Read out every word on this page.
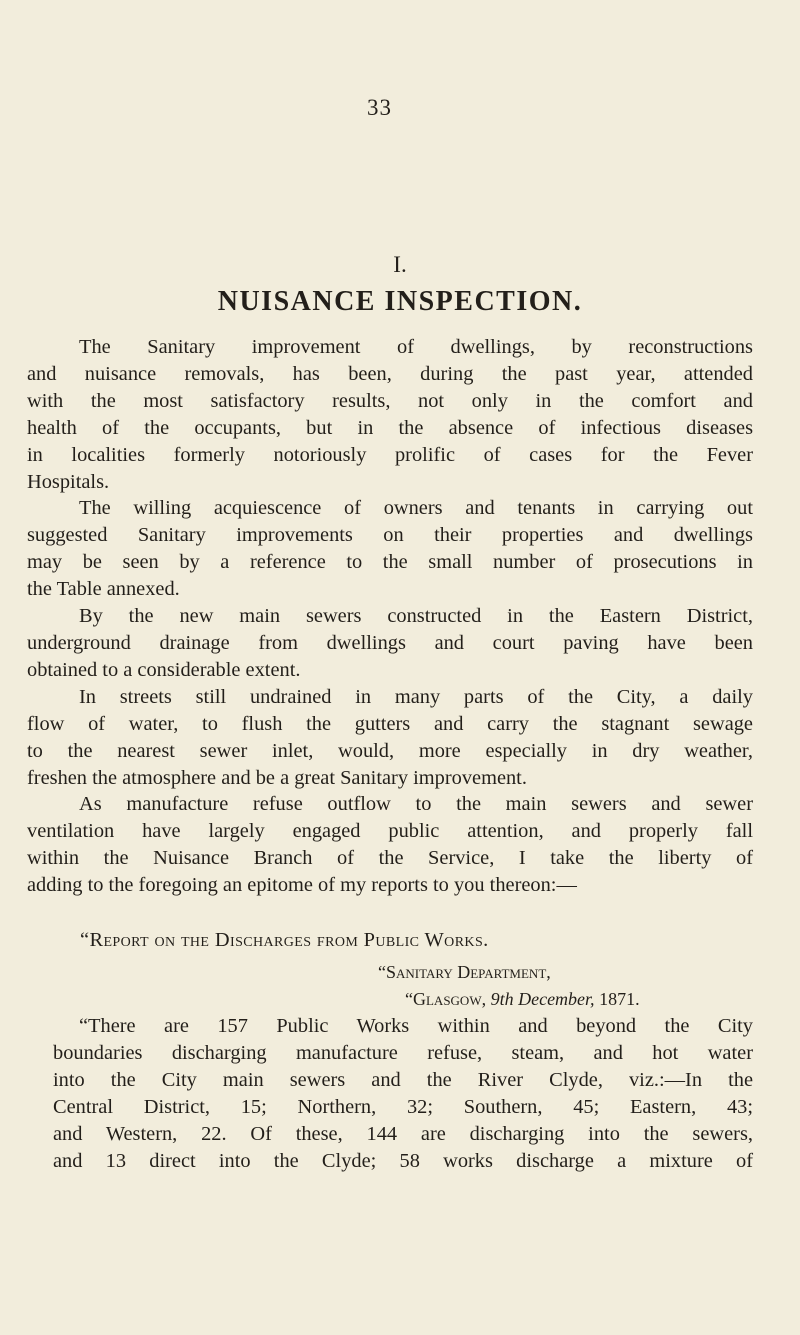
33
I.
NUISANCE INSPECTION.

The Sanitary improvement of dwellings, by reconstructions
and nuisance removals, has been, during the past year, attended
with the most satisfactory results, not only in the comfort and
health of the occupants, but in the absence of infectious diseases
in localities formerly notoriously prolific of cases for the Fever
Hospitals.

The willing acquiescence of owners and tenants in carrying out
suggested Sanitary improvements on their properties and dwellings
may be seen by a reference to the small number of prosecutions in
the Table annexed.

By the new main sewers constructed in the Eastern District,
underground drainage from dwellings and court paving have been
obtained to a considerable extent.

In streets still undrained in many parts of the City, a daily
flow of water, to flush the gutters and carry the stagnant sewage
to the nearest sewer inlet, would, more especially in dry weather,
freshen the atmosphere and be a great Sanitary improvement.

As manufacture refuse outflow to the main sewers and sewer
ventilation have largely engaged public attention, and properly fall
within the Nuisance Branch of the Service, I take the liberty of
adding to the foregoing an epitome of my reports to you thereon:—

“Report on the Discharges from Public Works.
“Sanitary Department,
“Glasgow, 9th December, 1871.
“There are 157 Public Works within and beyond the City
boundaries discharging manufacture refuse, steam, and hot water
into the City main sewers and the River Clyde, viz.:—In the
Central District, 15; Northern, 32; Southern, 45; Eastern, 43;
and Western, 22. Of these, 144 are discharging into the sewers,
and 13 direct into the Clyde; 58 works discharge a mixture of
